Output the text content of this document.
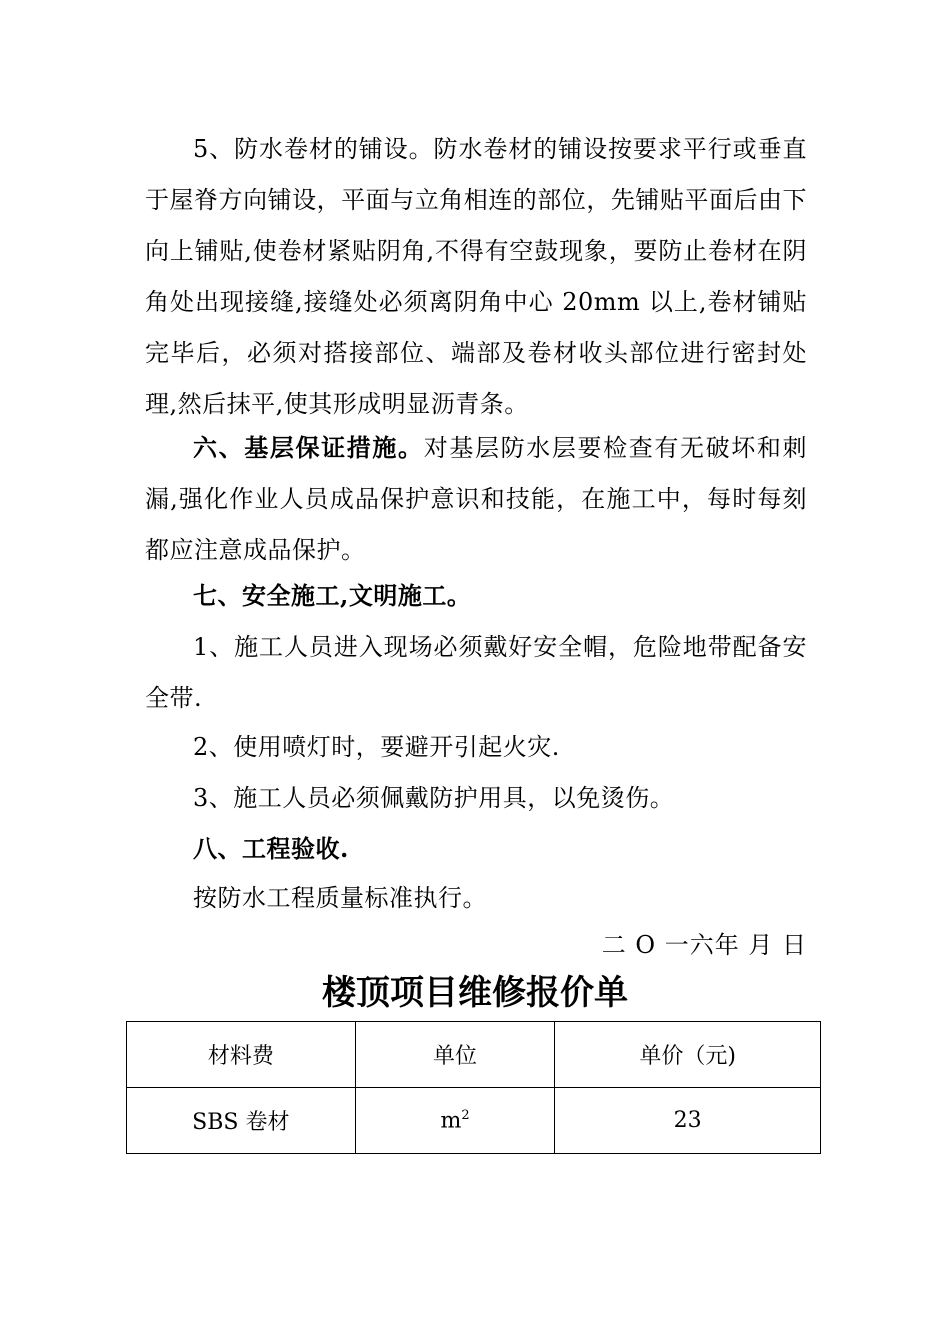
5、防水卷材的铺设。防水卷材的铺设按要求平行或垂直于屋脊方向铺设，平面与立角相连的部位，先铺贴平面后由下向上铺贴,使卷材紧贴阴角,不得有空鼓现象，要防止卷材在阴角处出现接缝,接缝处必须离阴角中心 20mm 以上,卷材铺贴完毕后，必须对搭接部位、端部及卷材收头部位进行密封处理,然后抹平,使其形成明显沥青条。
六、基层保证措施。对基层防水层要检查有无破坏和刺漏,强化作业人员成品保护意识和技能，在施工中，每时每刻都应注意成品保护。
七、安全施工,文明施工。
1、施工人员进入现场必须戴好安全帽，危险地带配备安全带.
2、使用喷灯时，要避开引起火灾.
3、施工人员必须佩戴防护用具，以免烫伤。
八、工程验收.
按防水工程质量标准执行。
二 O 一六年 月 日
楼顶项目维修报价单
材料费	单位	单价（元)
SBS 卷材	$m^2$	23
